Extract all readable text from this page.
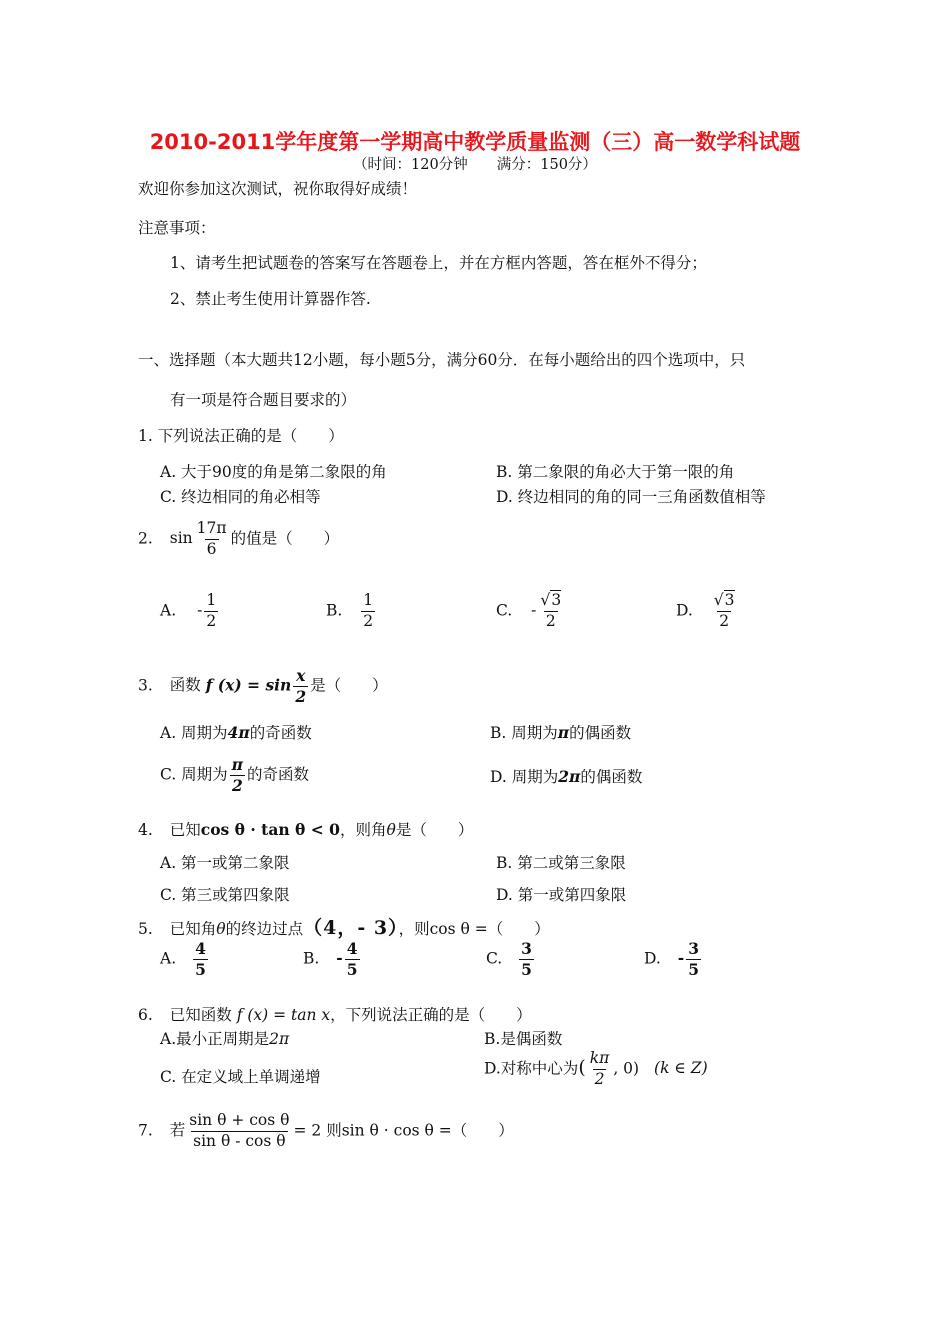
2010-2011学年度第一学期高中教学质量监测（三）高一数学科试题
（时间：120分钟　　满分：150分）
欢迎你参加这次测试，祝你取得好成绩！
注意事项：
1、请考生把试题卷的答案写在答题卷上，并在方框内答题，答在框外不得分；
2、禁止考生使用计算器作答.
一、选择题（本大题共12小题，每小题5分，满分60分．在每小题给出的四个选项中，只
有一项是符合题目要求的）
1. 下列说法正确的是（　　）
A. 大于90度的角是第二象限的角	B. 第二象限的角必大于第一限的角
C. 终边相同的角必相等	D. 终边相同的角的同一三角函数值相等
2. $\sin \frac{17\pi}{6}$ 的值是（　　）
A. - $\frac{1}{2}$	B. $\frac{1}{2}$	C. - $\frac{√3}{2}$	D. $\frac{√3}{2}$
3. 函数 f $(x) = \sin \frac{x}{2}$ 是（　　）
A. 周期为4π的奇函数	B. 周期为π的偶函数
C. 周期为 $\frac{\pi}{2}$ 的奇函数	D. 周期为2π的偶函数
4. 已知cos θ · tan θ < 0，则角θ是（　　）
A. 第一或第二象限	B. 第二或第三象限
C. 第三或第四象限	D. 第一或第四象限
5. 已知角θ的终边过点（4，- 3），则cos θ =（　　）
A. $\frac{4}{5}$	B. - $\frac{4}{5}$	C. $\frac{3}{5}$	D. - $\frac{3}{5}$
6. 已知函数 f (x) = tan x，下列说法正确的是（　　）
A.最小正周期是2π	B.是偶函数
C. 在定义域上单调递增	D.对称中心为( $\frac{k\pi}{2}$ , 0) (k ∈ Z)
7. 若 $\frac{\text{sin θ + cos θ}}{\text{sin θ - cos θ}} = 2$ 则sin θ · cos θ =（　　）
